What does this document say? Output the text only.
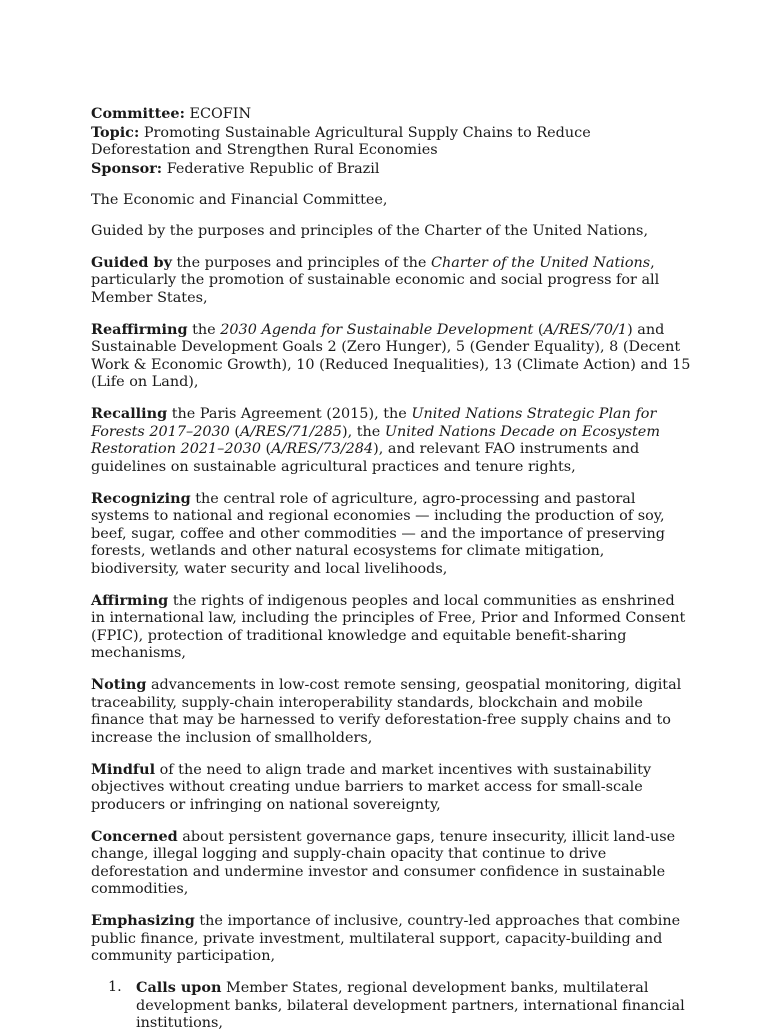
Committee: ECOFIN

Topic: Promoting Sustainable Agricultural Supply Chains to Reduce Deforestation and Strengthen Rural Economies

Sponsor: Federative Republic of Brazil

The Economic and Financial Committee,

Guided by the purposes and principles of the Charter of the United Nations,

Guided by the purposes and principles of the Charter of the United Nations, particularly the promotion of sustainable economic and social progress for all Member States,

Reaffirming the 2030 Agenda for Sustainable Development (A/RES/70/1) and Sustainable Development Goals 2 (Zero Hunger), 5 (Gender Equality), 8 (Decent Work & Economic Growth), 10 (Reduced Inequalities), 13 (Climate Action) and 15 (Life on Land),

Recalling the Paris Agreement (2015), the United Nations Strategic Plan for Forests 2017–2030 (A/RES/71/285), the United Nations Decade on Ecosystem Restoration 2021–2030 (A/RES/73/284), and relevant FAO instruments and guidelines on sustainable agricultural practices and tenure rights,

Recognizing the central role of agriculture, agro-processing and pastoral systems to national and regional economies — including the production of soy, beef, sugar, coffee and other commodities — and the importance of preserving forests, wetlands and other natural ecosystems for climate mitigation, biodiversity, water security and local livelihoods,

Affirming the rights of indigenous peoples and local communities as enshrined in international law, including the principles of Free, Prior and Informed Consent (FPIC), protection of traditional knowledge and equitable benefit-sharing mechanisms,

Noting advancements in low-cost remote sensing, geospatial monitoring, digital traceability, supply-chain interoperability standards, blockchain and mobile finance that may be harnessed to verify deforestation-free supply chains and to increase the inclusion of smallholders,

Mindful of the need to align trade and market incentives with sustainability objectives without creating undue barriers to market access for small-scale producers or infringing on national sovereignty,

Concerned about persistent governance gaps, tenure insecurity, illicit land-use change, illegal logging and supply-chain opacity that continue to drive deforestation and undermine investor and consumer confidence in sustainable commodities,

Emphasizing the importance of inclusive, country-led approaches that combine public finance, private investment, multilateral support, capacity-building and community participation,

1. Calls upon Member States, regional development banks, multilateral development banks, bilateral development partners, international financial institutions,
